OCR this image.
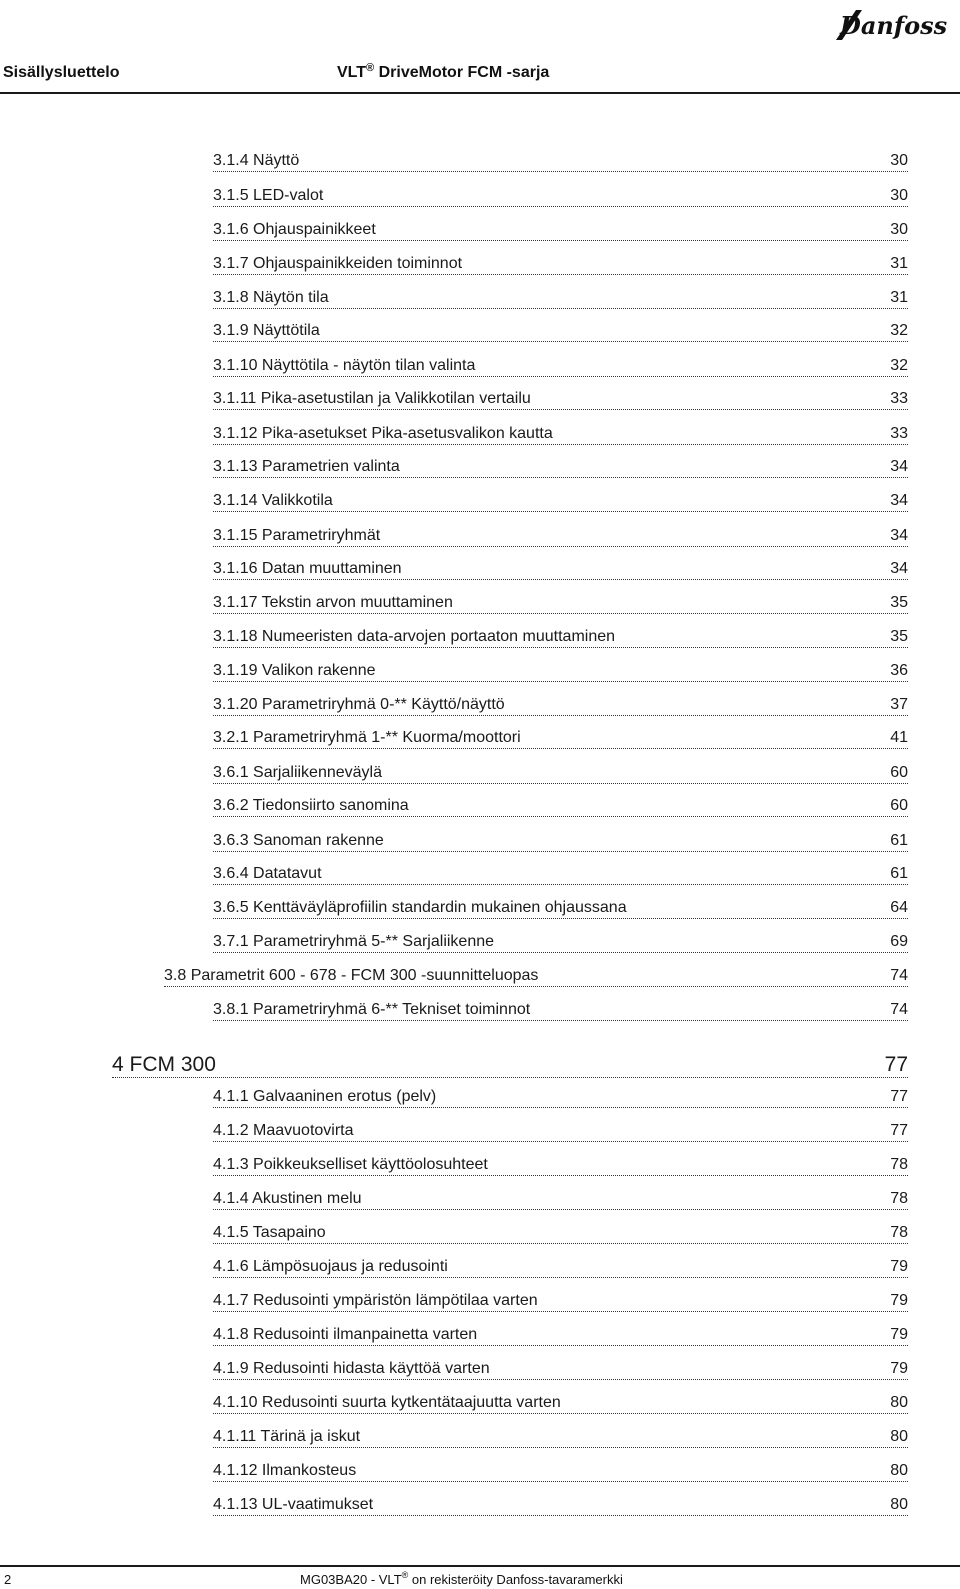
Danfoss
Sisällysluettelo	VLT® DriveMotor FCM -sarja
3.1.4 Näyttö	30
3.1.5 LED-valot	30
3.1.6 Ohjauspainikkeet	30
3.1.7 Ohjauspainikkeiden toiminnot	31
3.1.8 Näytön tila	31
3.1.9 Näyttötila	32
3.1.10 Näyttötila - näytön tilan valinta	32
3.1.11 Pika-asetustilan ja Valikkotilan vertailu	33
3.1.12 Pika-asetukset Pika-asetusvalikon kautta	33
3.1.13 Parametrien valinta	34
3.1.14 Valikkotila	34
3.1.15 Parametriryhmät	34
3.1.16 Datan muuttaminen	34
3.1.17 Tekstin arvon muuttaminen	35
3.1.18 Numeeristen data-arvojen portaaton muuttaminen	35
3.1.19 Valikon rakenne	36
3.1.20 Parametriryhmä 0-** Käyttö/näyttö	37
3.2.1 Parametriryhmä 1-** Kuorma/moottori	41
3.6.1 Sarjaliikenneväylä	60
3.6.2 Tiedonsiirto sanomina	60
3.6.3 Sanoman rakenne	61
3.6.4 Datatavut	61
3.6.5 Kenttäväyläprofiilin standardin mukainen ohjaussana	64
3.7.1 Parametriryhmä 5-** Sarjaliikenne	69
3.8 Parametrit 600 - 678 - FCM 300 -suunnitteluopas	74
3.8.1 Parametriryhmä 6-** Tekniset toiminnot	74
4 FCM 300	77
4.1.1 Galvaaninen erotus (pelv)	77
4.1.2 Maavuotovirta	77
4.1.3 Poikkeukselliset käyttöolosuhteet	78
4.1.4 Akustinen melu	78
4.1.5 Tasapaino	78
4.1.6 Lämpösuojaus ja redusointi	79
4.1.7 Redusointi ympäristön lämpötilaa varten	79
4.1.8 Redusointi ilmanpainetta varten	79
4.1.9 Redusointi hidasta käyttöä varten	79
4.1.10 Redusointi suurta kytkentätaajuutta varten	80
4.1.11 Tärinä ja iskut	80
4.1.12 Ilmankosteus	80
4.1.13 UL-vaatimukset	80
2	MG03BA20 - VLT® on rekisteröity Danfoss-tavaramerkki
